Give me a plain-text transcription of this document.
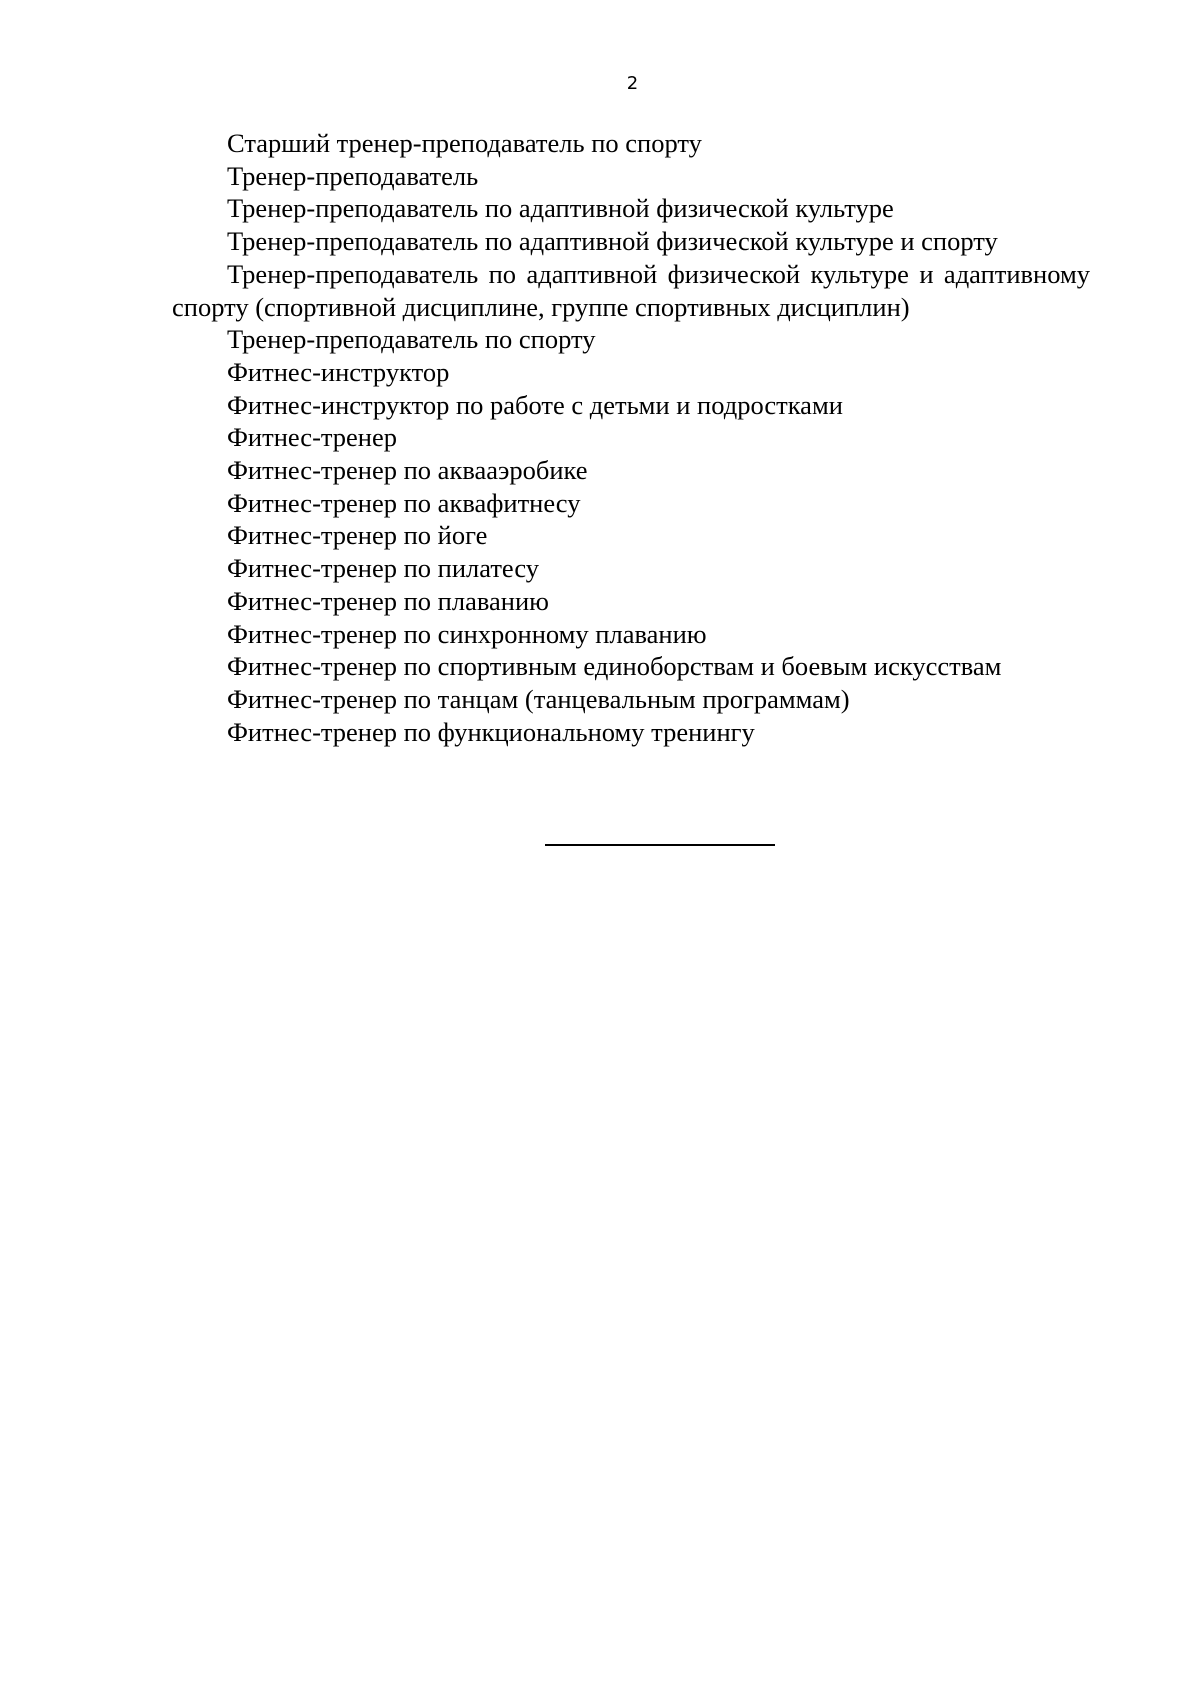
2
Старший тренер-преподаватель по спорту
Тренер-преподаватель
Тренер-преподаватель по адаптивной физической культуре
Тренер-преподаватель по адаптивной физической культуре и спорту
Тренер-преподаватель по адаптивной физической культуре и адаптивному спорту (спортивной дисциплине, группе спортивных дисциплин)
Тренер-преподаватель по спорту
Фитнес-инструктор
Фитнес-инструктор по работе с детьми и подростками
Фитнес-тренер
Фитнес-тренер по аквааэробике
Фитнес-тренер по аквафитнесу
Фитнес-тренер по йоге
Фитнес-тренер по пилатесу
Фитнес-тренер по плаванию
Фитнес-тренер по синхронному плаванию
Фитнес-тренер по спортивным единоборствам и боевым искусствам
Фитнес-тренер по танцам (танцевальным программам)
Фитнес-тренер по функциональному тренингу
